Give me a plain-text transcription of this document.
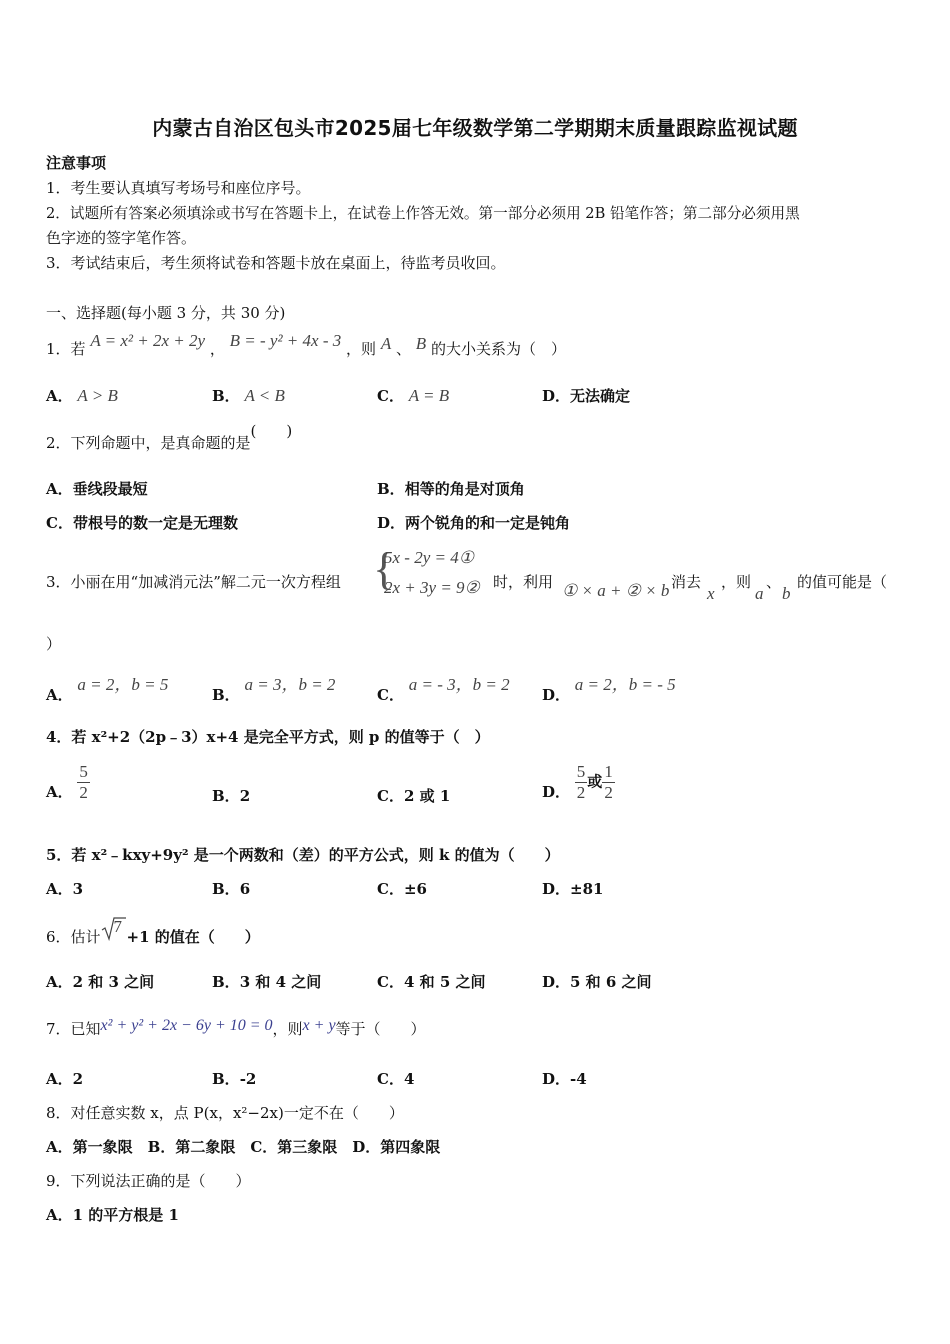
内蒙古自治区包头市2025届七年级数学第二学期期末质量跟踪监视试题
注意事项
1．考生要认真填写考场号和座位序号。
2．试题所有答案必须填涂或书写在答题卡上，在试卷上作答无效。第一部分必须用 2B 铅笔作答；第二部分必须用黑
色字迹的签字笔作答。
3．考试结束后，考生须将试卷和答题卡放在桌面上，待监考员收回。
一、选择题(每小题 3 分，共 30 分)
1．若 A = x² + 2x + 2y ， B = - y² + 4x - 3 ，则 A 、 B 的大小关系为（　）
A． A > B	B． A < B	C． A = B	D．无法确定
2．下列命题中，是真命题的是(　　)
A．垂线段最短	B．相等的角是对顶角
C．带根号的数一定是无理数	D．两个锐角的和一定是钝角
3．小丽在用“加减消元法”解二元一次方程组 {
5x - 2y = 4①
2x + 3y = 9② 时，利用 ① × a + ② × b 消去
x
，则
a
、
b
的值可能是（
）
A． a = 2，b = 5
B． a = 3，b = 2
C． a = - 3，b = 2
D． a = 2，b = - 5
4．若 x²+2（2p﹣3）x+4 是完全平方式，则 p 的值等于（　）
A． $\frac{5}{2}$	B．2	C．2 或 1	D． $\frac{5}{2}$ 或 $\frac{1}{2}$
5．若 x²﹣kxy+9y² 是一个两数和（差）的平方公式，则 k 的值为（　　）
A．3	B．6	C．±6	D．±81
6．估计
7
+1 的值在（　　）
A．2 和 3 之间	B．3 和 4 之间	C．4 和 5 之间	D．5 和 6 之间
7．已知x² + y² + 2x − 6y + 10 = 0，则x + y等于（　　）
A．2	B．-2	C．4	D．-4
8．对任意实数 x，点 P(x，x²−2x)一定不在（　　）
A．第一象限　B．第二象限　C．第三象限　D．第四象限
9．下列说法正确的是（　　）
A．1 的平方根是 1
